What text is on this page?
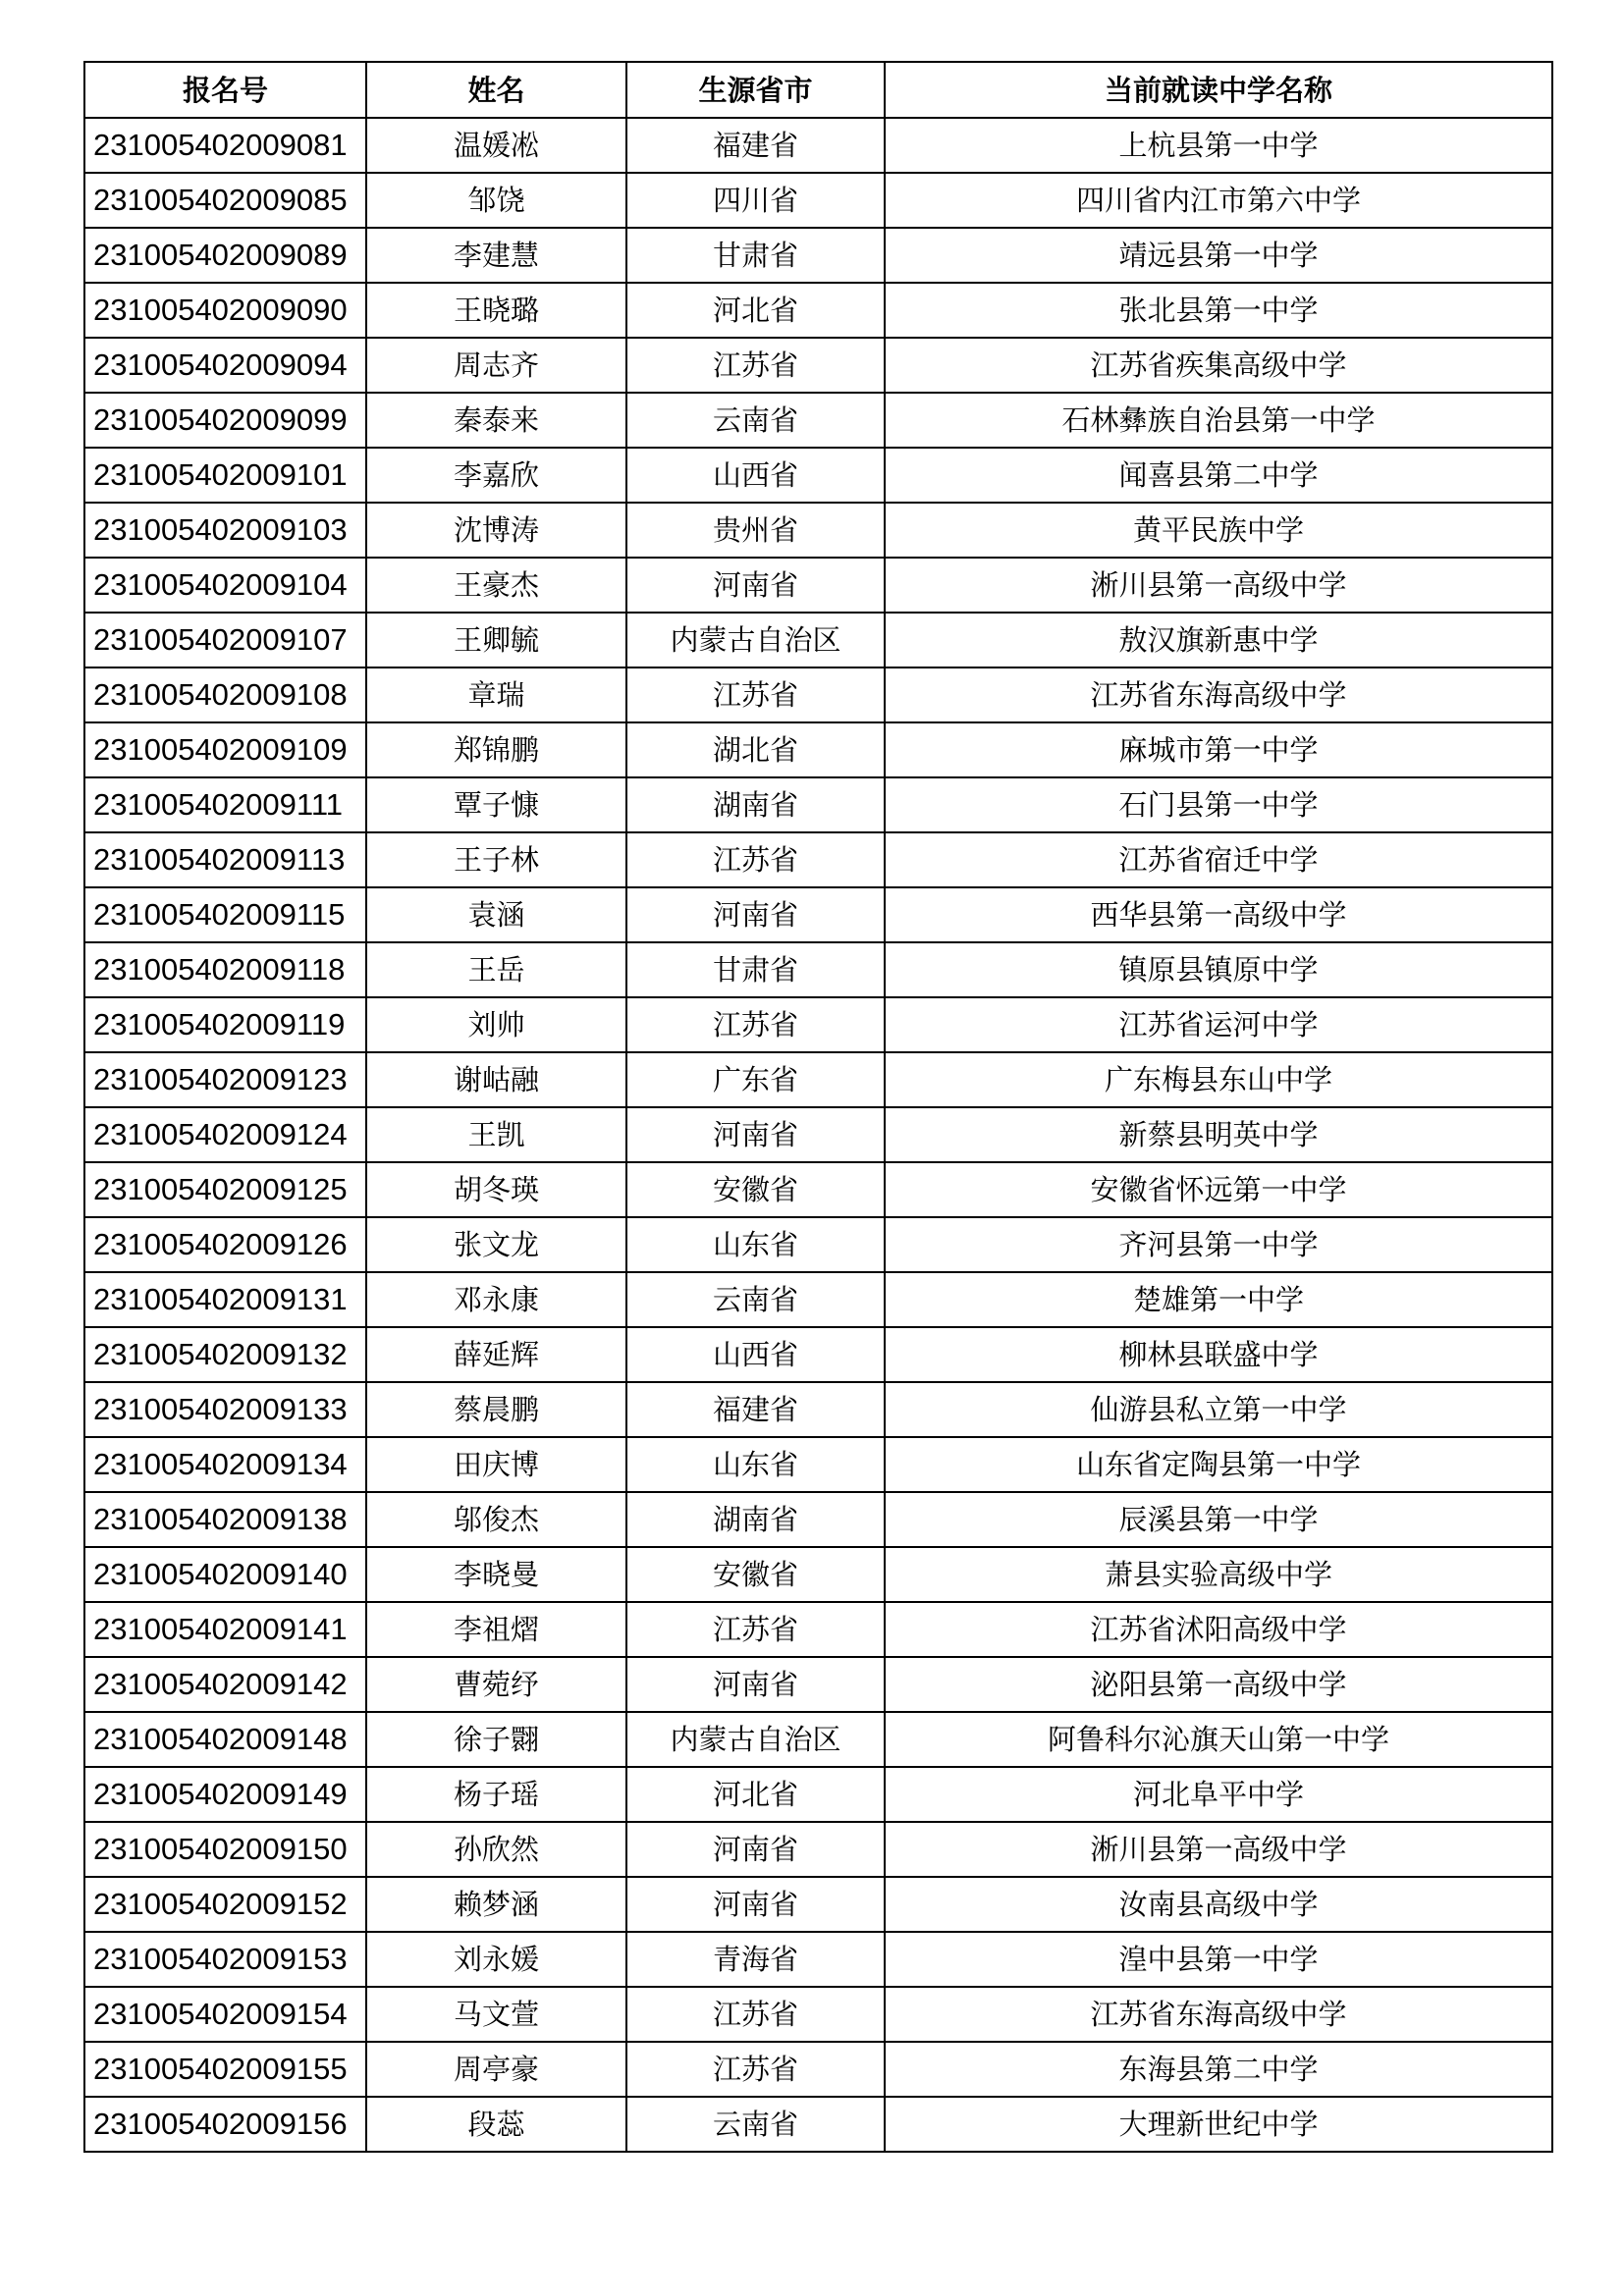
报名号	姓名	生源省市	当前就读中学名称
231005402009081	温媛凇	福建省	上杭县第一中学
231005402009085	邹饶	四川省	四川省内江市第六中学
231005402009089	李建慧	甘肃省	靖远县第一中学
231005402009090	王晓璐	河北省	张北县第一中学
231005402009094	周志齐	江苏省	江苏省疾集高级中学
231005402009099	秦泰来	云南省	石林彝族自治县第一中学
231005402009101	李嘉欣	山西省	闻喜县第二中学
231005402009103	沈博涛	贵州省	黄平民族中学
231005402009104	王豪杰	河南省	淅川县第一高级中学
231005402009107	王卿毓	内蒙古自治区	敖汉旗新惠中学
231005402009108	章瑞	江苏省	江苏省东海高级中学
231005402009109	郑锦鹏	湖北省	麻城市第一中学
231005402009111	覃子慷	湖南省	石门县第一中学
231005402009113	王子林	江苏省	江苏省宿迁中学
231005402009115	袁涵	河南省	西华县第一高级中学
231005402009118	王岳	甘肃省	镇原县镇原中学
231005402009119	刘帅	江苏省	江苏省运河中学
231005402009123	谢岵融	广东省	广东梅县东山中学
231005402009124	王凯	河南省	新蔡县明英中学
231005402009125	胡冬瑛	安徽省	安徽省怀远第一中学
231005402009126	张文龙	山东省	齐河县第一中学
231005402009131	邓永康	云南省	楚雄第一中学
231005402009132	薛延辉	山西省	柳林县联盛中学
231005402009133	蔡晨鹏	福建省	仙游县私立第一中学
231005402009134	田庆博	山东省	山东省定陶县第一中学
231005402009138	邬俊杰	湖南省	辰溪县第一中学
231005402009140	李晓曼	安徽省	萧县实验高级中学
231005402009141	李祖熠	江苏省	江苏省沭阳高级中学
231005402009142	曹菀纾	河南省	泌阳县第一高级中学
231005402009148	徐子翾	内蒙古自治区	阿鲁科尔沁旗天山第一中学
231005402009149	杨子瑶	河北省	河北阜平中学
231005402009150	孙欣然	河南省	淅川县第一高级中学
231005402009152	赖梦涵	河南省	汝南县高级中学
231005402009153	刘永媛	青海省	湟中县第一中学
231005402009154	马文萱	江苏省	江苏省东海高级中学
231005402009155	周亭豪	江苏省	东海县第二中学
231005402009156	段蕊	云南省	大理新世纪中学
